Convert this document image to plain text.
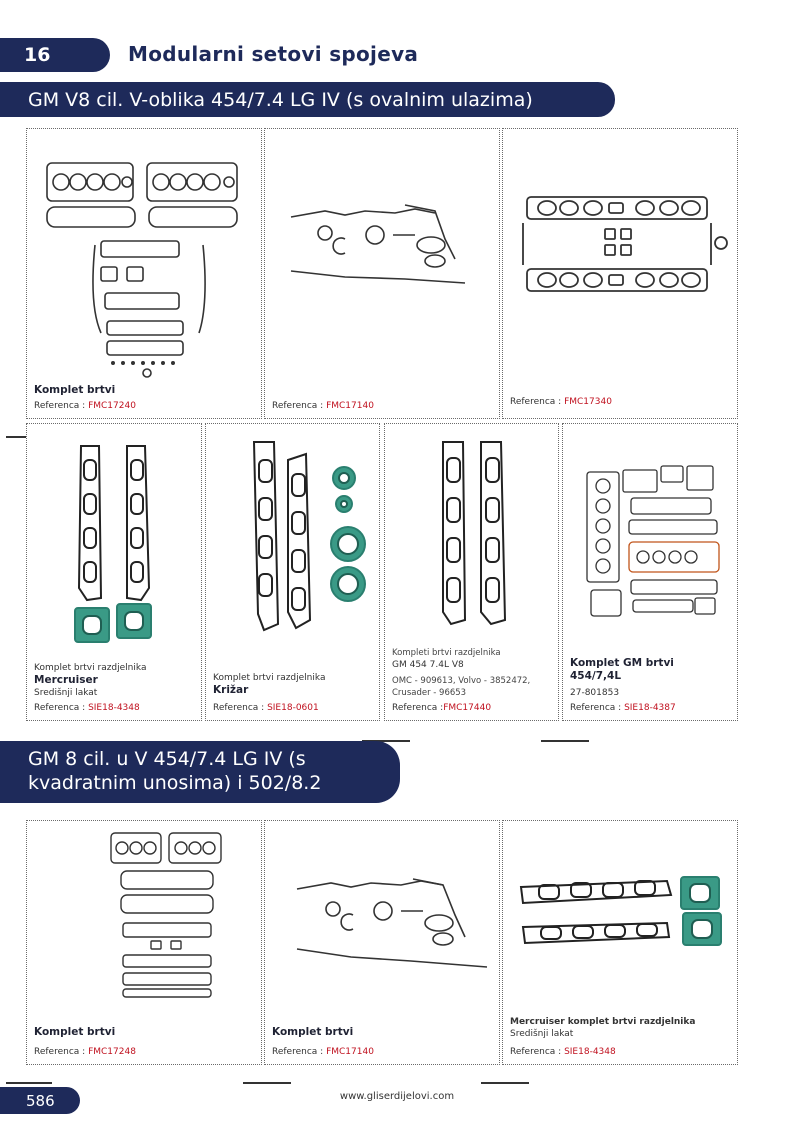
16	Modularni setovi spojeva
GM V8 cil. V-oblika 454/7.4 LG IV (s ovalnim ulazima)
Komplet brtvi
Referenca : FMC17240	Referenca : FMC17140	Referenca : FMC17340
Komplet brtvi razdjelnika
Mercruiser
Središnji lakat
Referenca : SIE18-4348
Komplet brtvi razdjelnika
Križar
Referenca : SIE18-0601
Kompleti brtvi razdjelnika
GM 454 7.4L V8
OMC - 909613, Volvo - 3852472,
Crusader - 96653
Referenca :FMC17440
Komplet GM brtvi
454/7,4L
27-801853
Referenca : SIE18-4387
GM 8 cil. u V 454/7.4 LG IV (s
kvadratnim unosima) i 502/8.2
Komplet brtvi
Referenca : FMC17248
Komplet brtvi
Referenca : FMC17140
Mercruiser komplet brtvi razdjelnika
Središnji lakat
Referenca : SIE18-4348
586	www.gliserdijelovi.com
